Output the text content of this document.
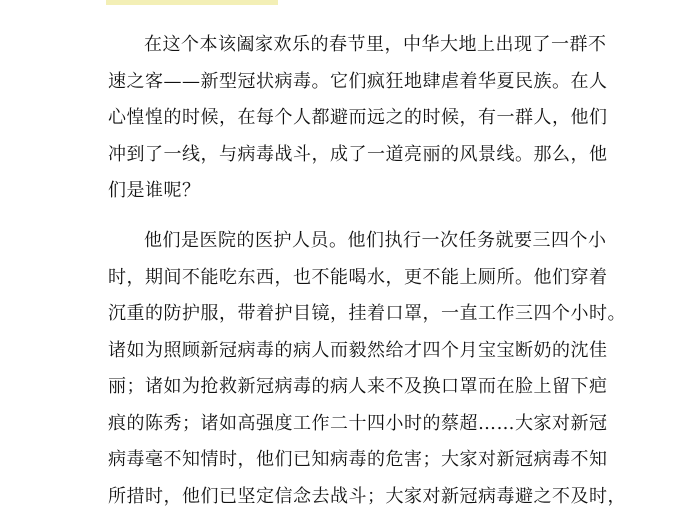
在这个本该阖家欢乐的春节里，中华大地上出现了一群不
速之客——新型冠状病毒。它们疯狂地肆虐着华夏民族。在人
心惶惶的时候，在每个人都避而远之的时候，有一群人，他们
冲到了一线，与病毒战斗，成了一道亮丽的风景线。那么，他
们是谁呢？

他们是医院的医护人员。他们执行一次任务就要三四个小
时，期间不能吃东西，也不能喝水，更不能上厕所。他们穿着
沉重的防护服，带着护目镜，挂着口罩，一直工作三四个小时。
诸如为照顾新冠病毒的病人而毅然给才四个月宝宝断奶的沈佳
丽；诸如为抢救新冠病毒的病人来不及换口罩而在脸上留下疤
痕的陈秀；诸如高强度工作二十四小时的蔡超……大家对新冠
病毒毫不知情时，他们已知病毒的危害；大家对新冠病毒不知
所措时，他们已坚定信念去战斗；大家对新冠病毒避之不及时，
